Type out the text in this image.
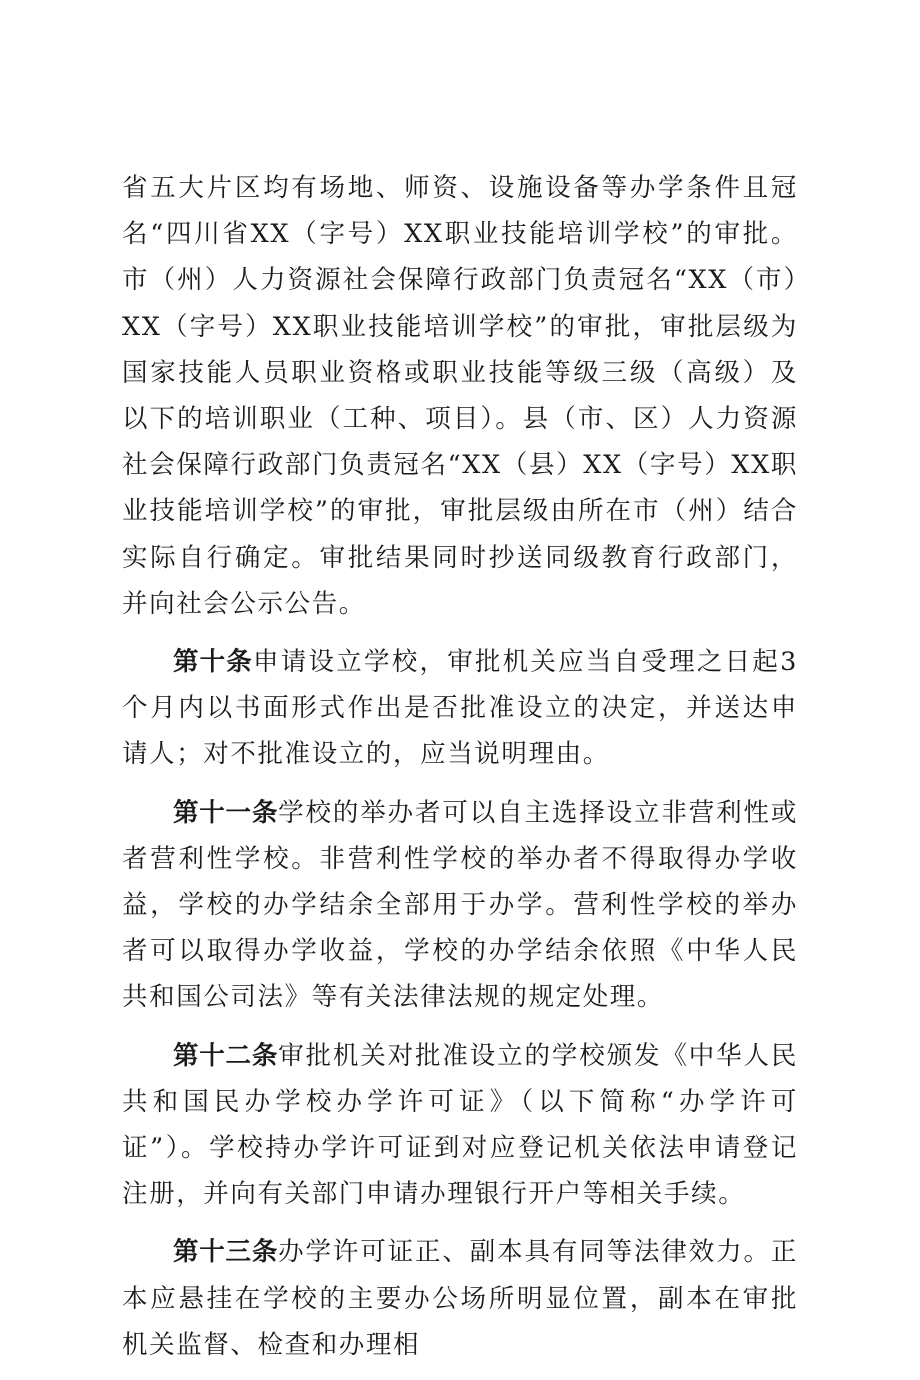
省五大片区均有场地、师资、设施设备等办学条件且冠名“四川省XX（字号）XX职业技能培训学校”的审批。市（州）人力资源社会保障行政部门负责冠名“XX（市）XX（字号）XX职业技能培训学校”的审批，审批层级为国家技能人员职业资格或职业技能等级三级（高级）及以下的培训职业（工种、项目）。县（市、区）人力资源社会保障行政部门负责冠名“XX（县）XX（字号）XX职业技能培训学校”的审批，审批层级由所在市（州）结合实际自行确定。审批结果同时抄送同级教育行政部门，并向社会公示公告。

第十条申请设立学校，审批机关应当自受理之日起3个月内以书面形式作出是否批准设立的决定，并送达申请人；对不批准设立的，应当说明理由。

第十一条学校的举办者可以自主选择设立非营利性或者营利性学校。非营利性学校的举办者不得取得办学收益，学校的办学结余全部用于办学。营利性学校的举办者可以取得办学收益，学校的办学结余依照《中华人民共和国公司法》等有关法律法规的规定处理。

第十二条审批机关对批准设立的学校颁发《中华人民共和国民办学校办学许可证》（以下简称“办学许可证”）。学校持办学许可证到对应登记机关依法申请登记注册，并向有关部门申请办理银行开户等相关手续。

第十三条办学许可证正、副本具有同等法律效力。正本应悬挂在学校的主要办公场所明显位置，副本在审批机关监督、检查和办理相
